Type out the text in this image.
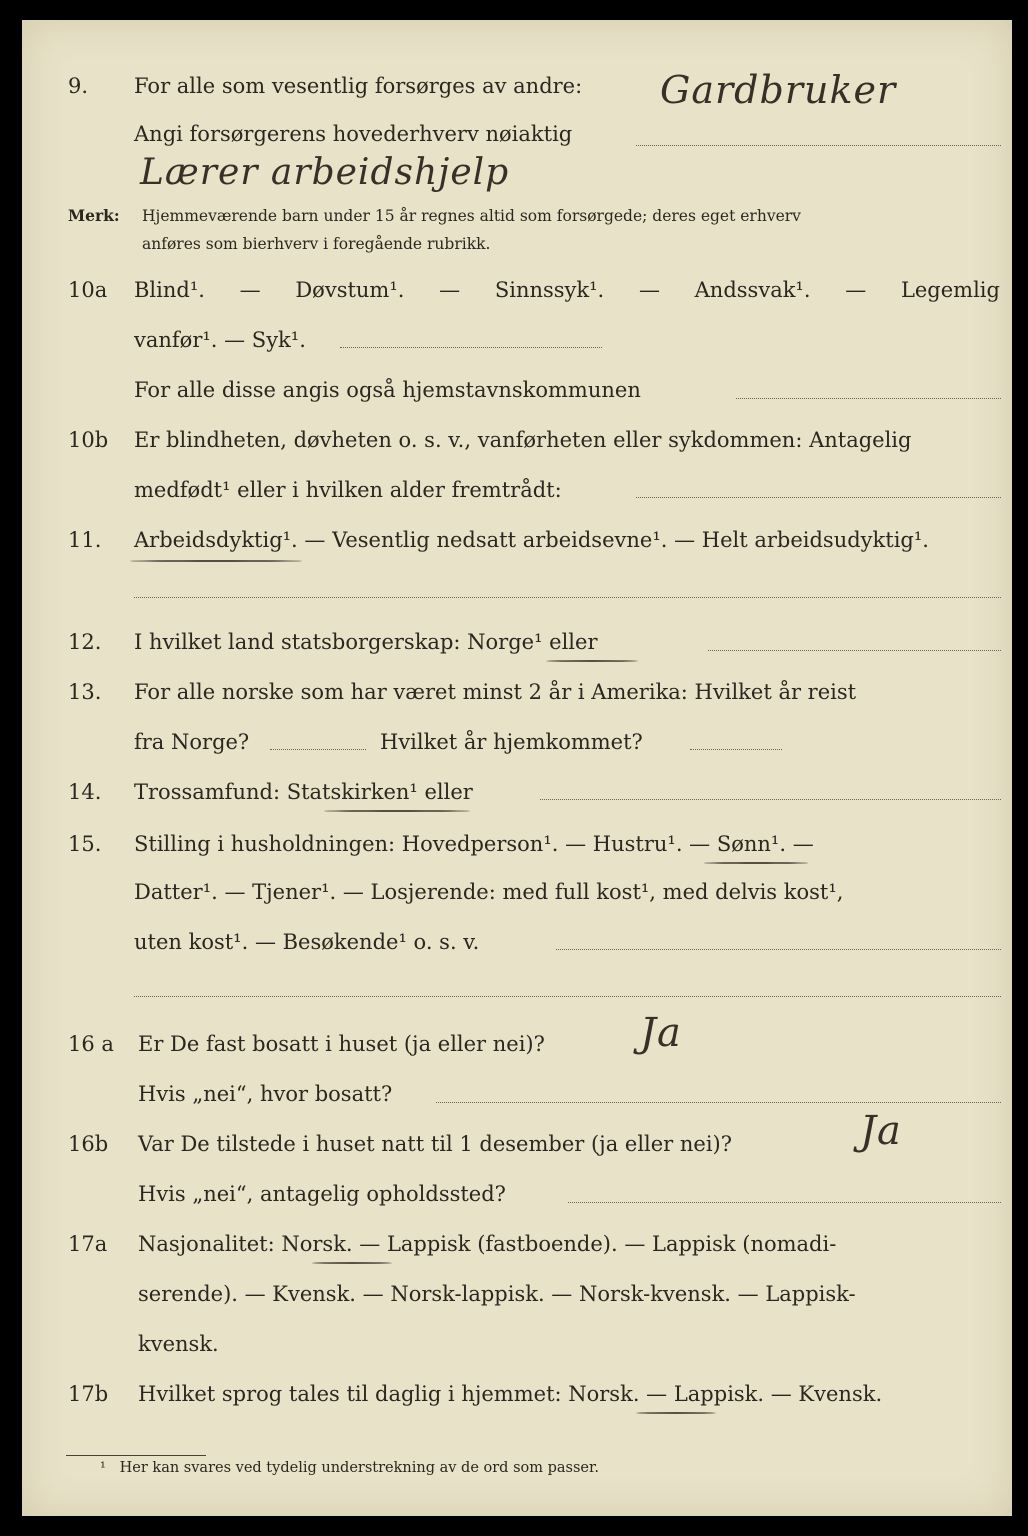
9.	For alle som vesentlig forsørges av andre: Gardbruker
Angi forsørgerens hovederhverv nøiaktig
Lærer arbeidshjelp
Merk:	Hjemmeværende barn under 15 år regnes altid som forsørgede; deres eget erhverv
anføres som bierhverv i foregående rubrikk.
10a	Blind¹. — Døvstum¹. — Sinnssyk¹. — Andssvak¹. — Legemlig
vanfør¹. — Syk¹.
For alle disse angis også hjemstavnskommunen
10b	Er blindheten, døvheten o. s. v., vanførheten eller sykdommen: Antagelig
medfødt¹ eller i hvilken alder fremtrådt:
11.	Arbeidsdyktig¹. — Vesentlig nedsatt arbeidsevne¹. — Helt arbeidsudyktig¹.
12.	I hvilket land statsborgerskap: Norge¹ eller
13.	For alle norske som har været minst 2 år i Amerika: Hvilket år reist
fra Norge?	Hvilket år hjemkommet?
14.	Trossamfund: Statskirken¹ eller
15.	Stilling i husholdningen: Hovedperson¹. — Hustru¹. — Sønn¹. —
Datter¹. — Tjener¹. — Losjerende: med full kost¹, med delvis kost¹,
uten kost¹. — Besøkende¹ o. s. v.
16 a	Er De fast bosatt i huset (ja eller nei)? Ja
Hvis „nei“, hvor bosatt?
16b	Var De tilstede i huset natt til 1 desember (ja eller nei)?	Ja
Hvis „nei“, antagelig opholdssted?
17a	Nasjonalitet: Norsk. — Lappisk (fastboende). — Lappisk (nomadi-
serende). — Kvensk. — Norsk-lappisk. — Norsk-kvensk. — Lappisk-
kvensk.
17b	Hvilket sprog tales til daglig i hjemmet: Norsk. — Lappisk. — Kvensk.
¹ Her kan svares ved tydelig understrekning av de ord som passer.
